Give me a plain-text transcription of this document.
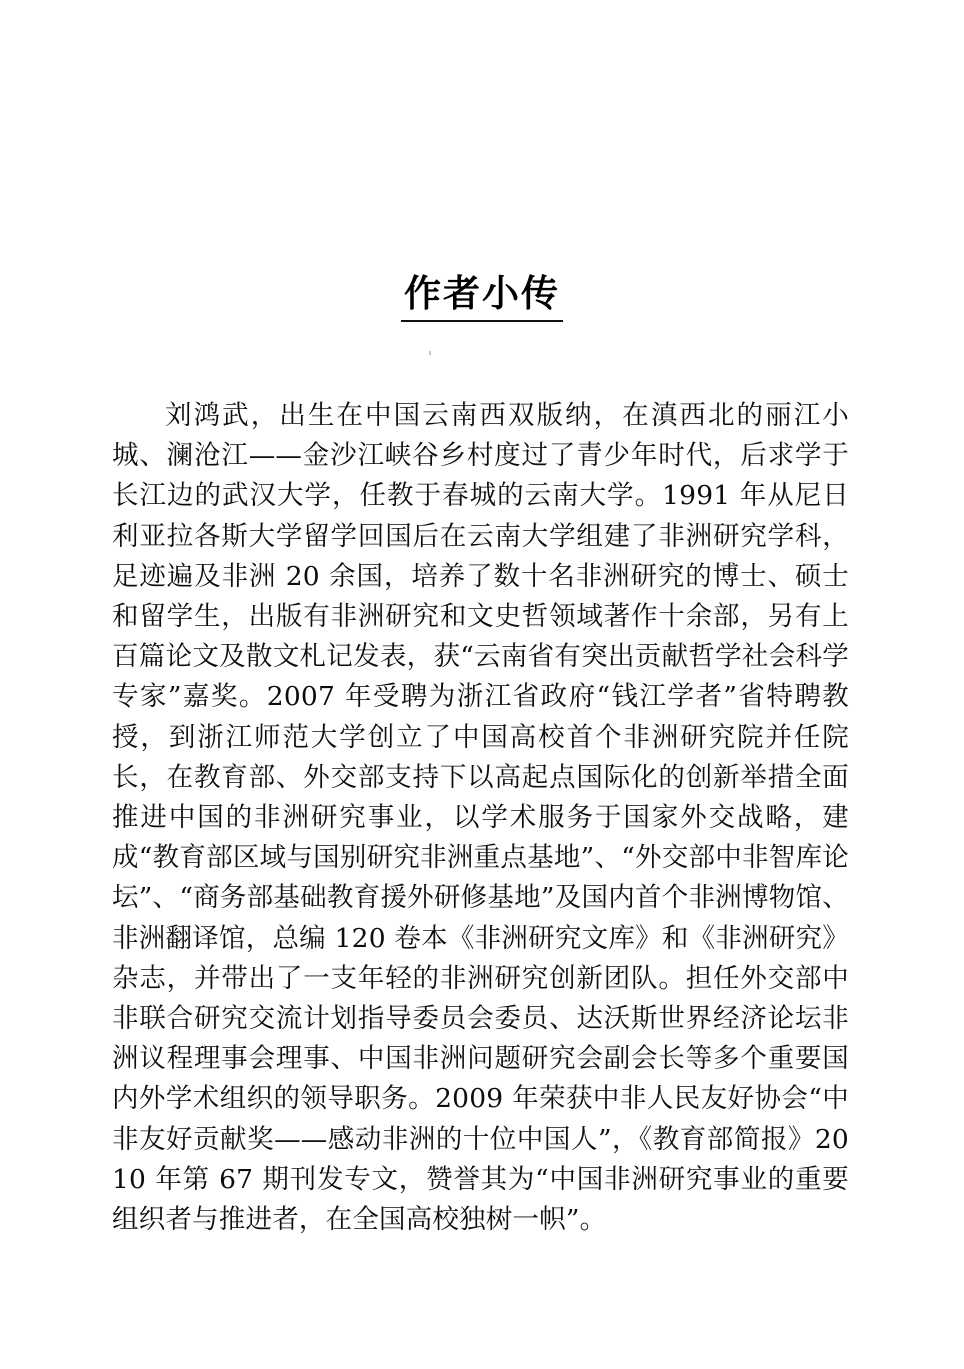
作者小传

刘鸿武，出生在中国云南西双版纳，在滇西北的丽江小城、澜沧江——金沙江峡谷乡村度过了青少年时代，后求学于长江边的武汉大学，任教于春城的云南大学。1991 年从尼日利亚拉各斯大学留学回国后在云南大学组建了非洲研究学科，足迹遍及非洲 20 余国，培养了数十名非洲研究的博士、硕士和留学生，出版有非洲研究和文史哲领域著作十余部，另有上百篇论文及散文札记发表，获“云南省有突出贡献哲学社会科学专家”嘉奖。2007 年受聘为浙江省政府“钱江学者”省特聘教授，到浙江师范大学创立了中国高校首个非洲研究院并任院长，在教育部、外交部支持下以高起点国际化的创新举措全面推进中国的非洲研究事业，以学术服务于国家外交战略，建成“教育部区域与国别研究非洲重点基地”、“外交部中非智库论坛”、“商务部基础教育援外研修基地”及国内首个非洲博物馆、非洲翻译馆，总编 120 卷本《非洲研究文库》和《非洲研究》杂志，并带出了一支年轻的非洲研究创新团队。担任外交部中非联合研究交流计划指导委员会委员、达沃斯世界经济论坛非洲议程理事会理事、中国非洲问题研究会副会长等多个重要国内外学术组织的领导职务。2009 年荣获中非人民友好协会“中非友好贡献奖——感动非洲的十位中国人”，《教育部简报》2010 年第 67 期刊发专文，赞誉其为“中国非洲研究事业的重要组织者与推进者，在全国高校独树一帜”。
